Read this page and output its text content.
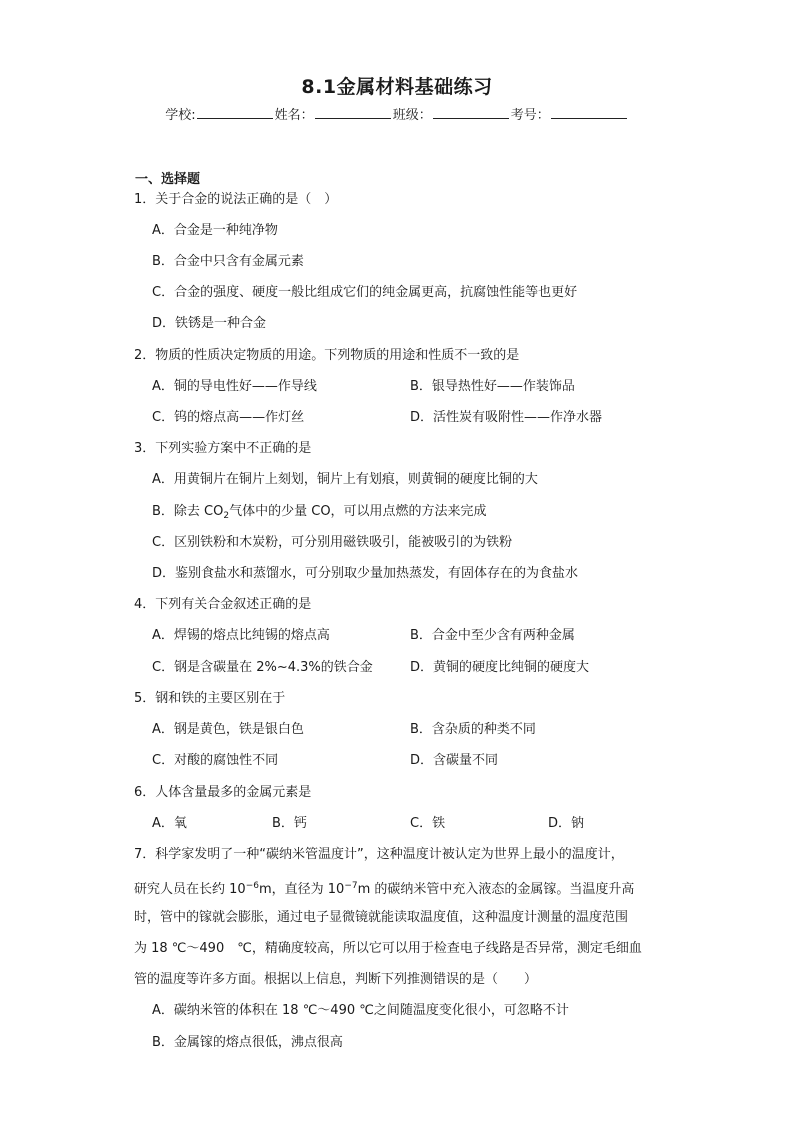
8.1金属材料基础练习
学校:	姓名：	班级：	考号：
一、选择题
1．关于合金的说法正确的是（　）
A．合金是一种纯净物
B．合金中只含有金属元素
C．合金的强度、硬度一般比组成它们的纯金属更高，抗腐蚀性能等也更好
D．铁锈是一种合金
2．物质的性质决定物质的用途。下列物质的用途和性质不一致的是
A．铜的导电性好——作导线	B．银导热性好——作装饰品
C．钨的熔点高——作灯丝	D．活性炭有吸附性——作净水器
3．下列实验方案中不正确的是
A．用黄铜片在铜片上刻划，铜片上有划痕，则黄铜的硬度比铜的大
B．除去 $CO_2$气体中的少量 CO，可以用点燃的方法来完成
C．区别铁粉和木炭粉，可分别用磁铁吸引，能被吸引的为铁粉
D．鉴别食盐水和蒸馏水，可分别取少量加热蒸发，有固体存在的为食盐水
4．下列有关合金叙述正确的是
A．焊锡的熔点比纯锡的熔点高	B．合金中至少含有两种金属
C．钢是含碳量在 2%~4.3%的铁合金	D．黄铜的硬度比纯铜的硬度大
5．钢和铁的主要区别在于
A．钢是黄色，铁是银白色	B．含杂质的种类不同
C．对酸的腐蚀性不同	D．含碳量不同
6．人体含量最多的金属元素是
A．氧	B．钙	C．铁	D．钠
7．科学家发明了一种“碳纳米管温度计”，这种温度计被认定为世界上最小的温度计，
研究人员在长约 $10^{-6}m$，直径为 $10^{-7}m$ 的碳纳米管中充入液态的金属镓。当温度升高
时，管中的镓就会膨胀，通过电子显微镜就能读取温度值，这种温度计测量的温度范围
为 18 ℃～490　℃，精确度较高，所以它可以用于检查电子线路是否异常，测定毛细血
管的温度等许多方面。根据以上信息，判断下列推测错误的是（　　）
A．碳纳米管的体积在 18 ℃～490 ℃之间随温度变化很小，可忽略不计
B．金属镓的熔点很低，沸点很高
